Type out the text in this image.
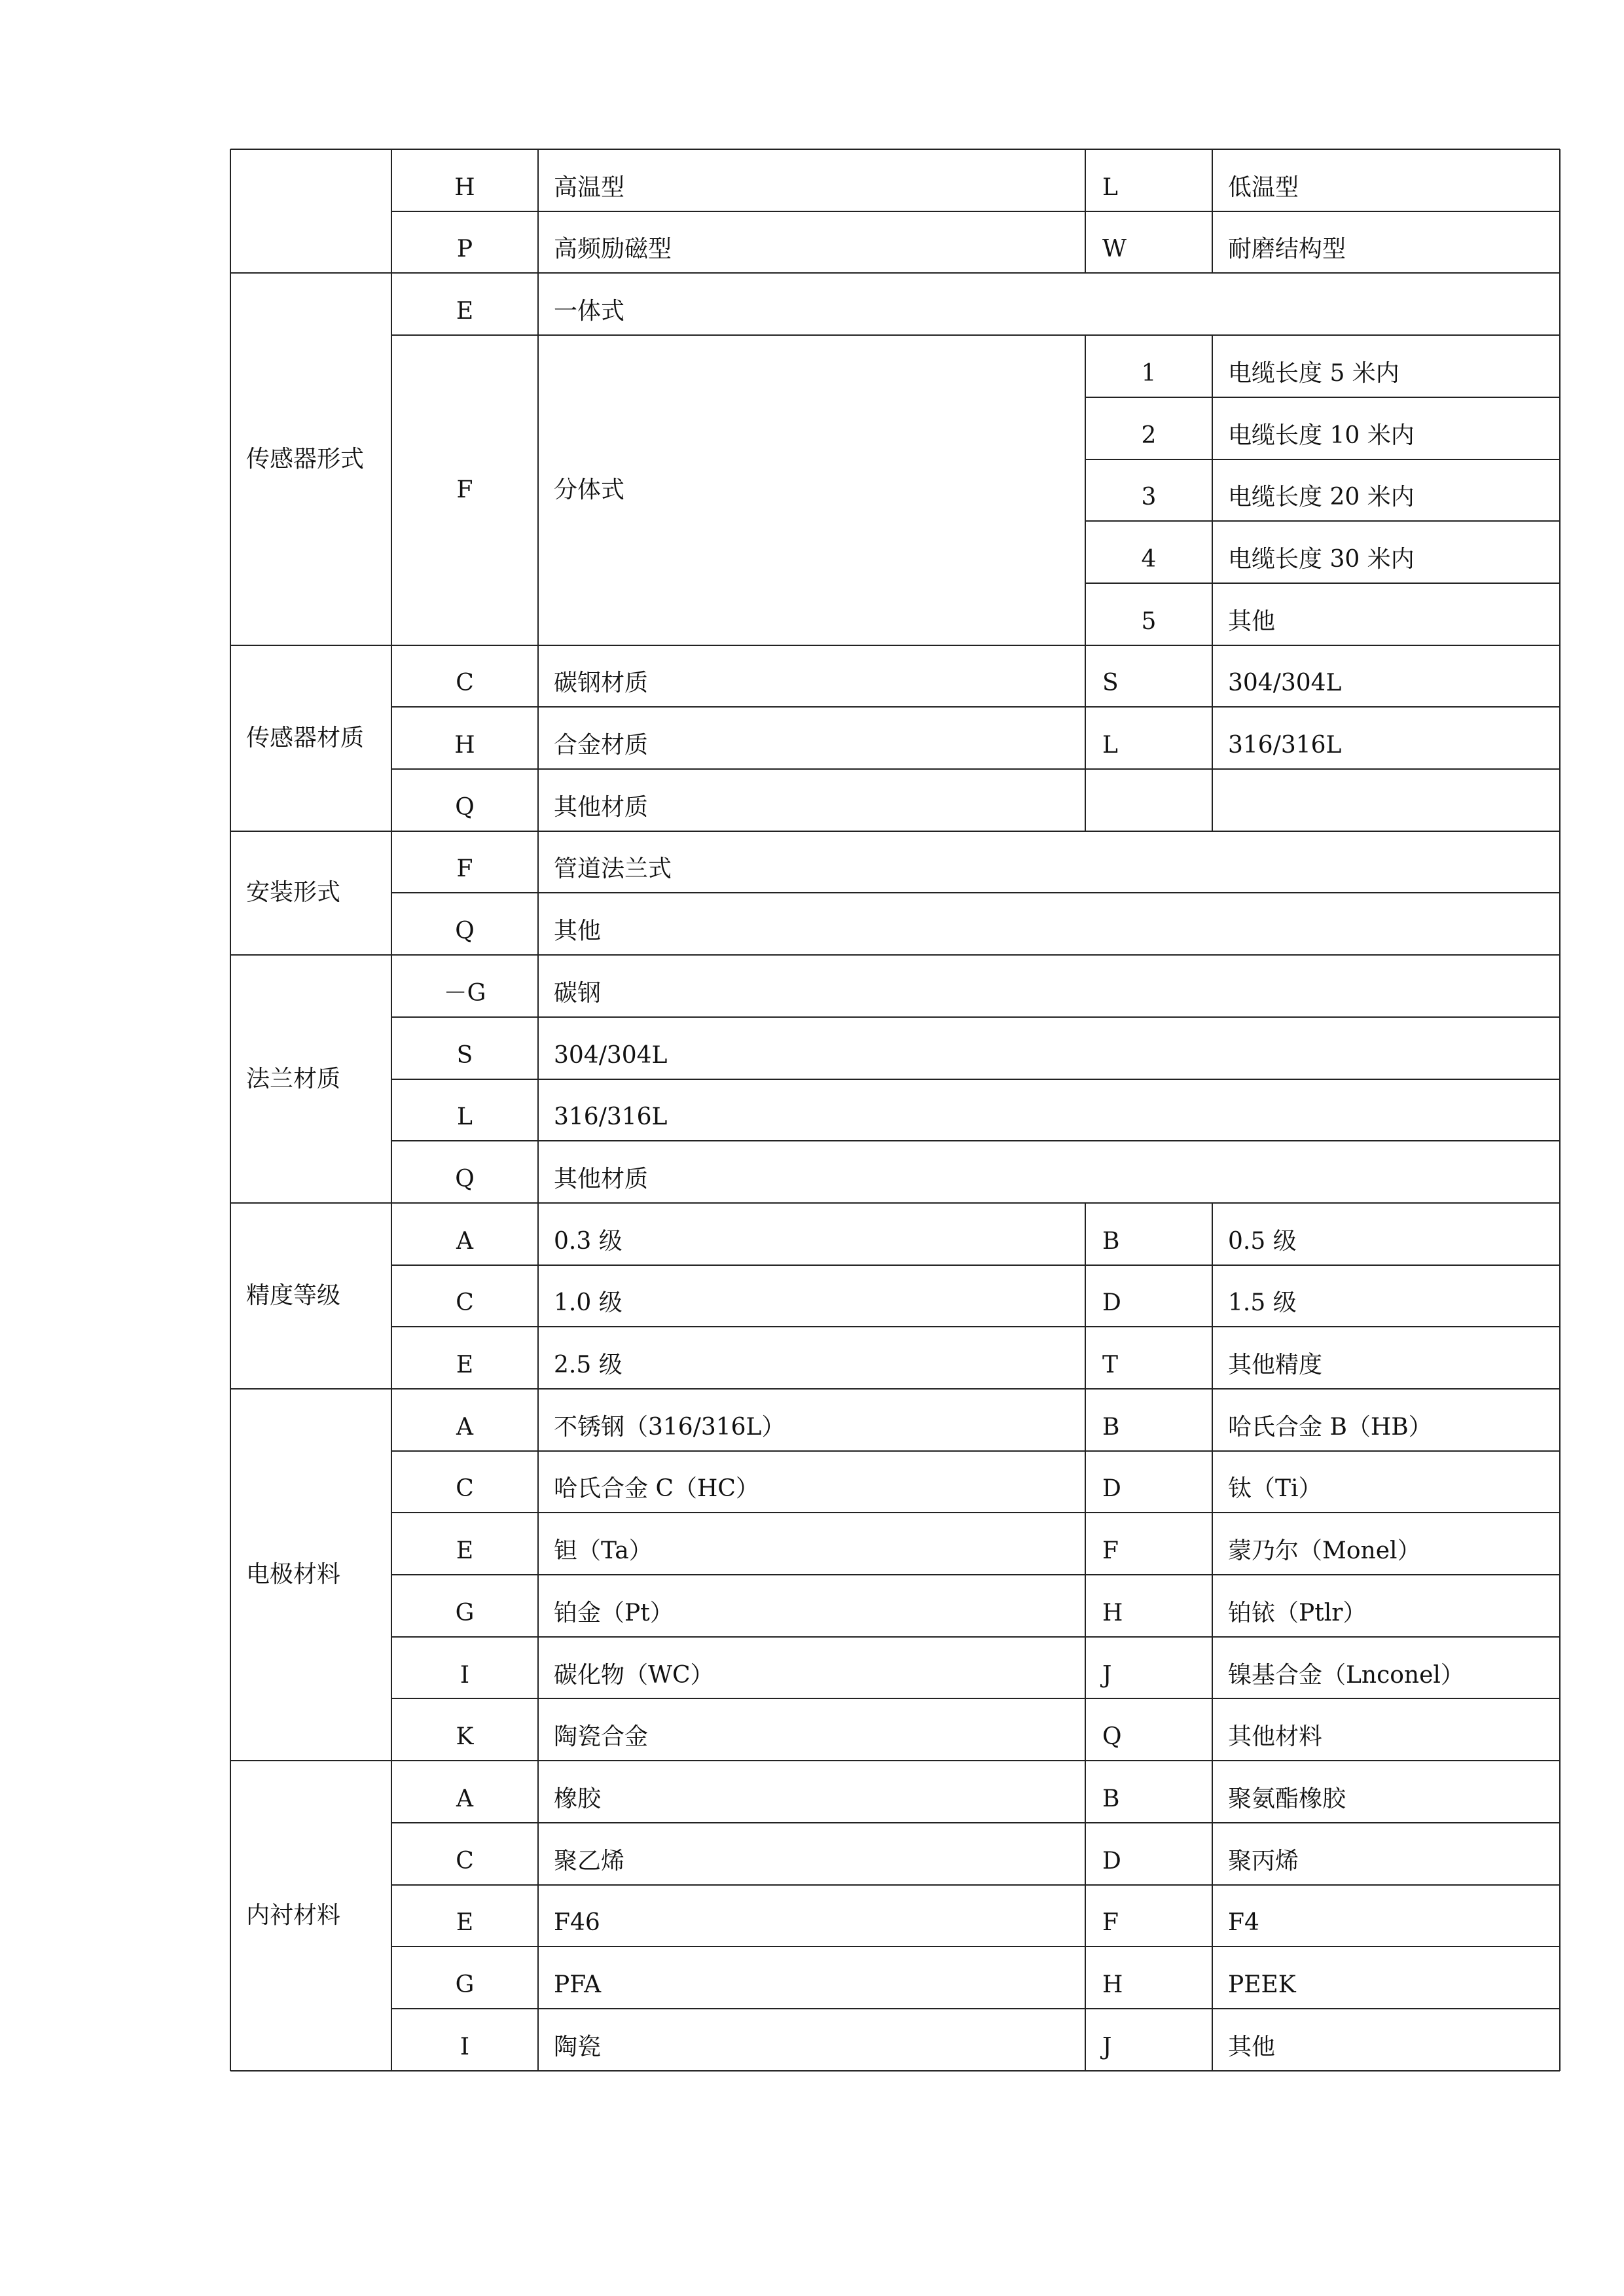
H	高温型	L	低温型
P	高频励磁型	W	耐磨结构型
传感器形式
E	一体式
F	分体式
1	电缆长度 5 米内
2	电缆长度 10 米内
3	电缆长度 20 米内
4	电缆长度 30 米内
5	其他
传感器材质
C	碳钢材质	S	304/304L
H	合金材质	L	316/316L
Q	其他材质
安装形式
F	管道法兰式
Q	其他
法兰材质
－G	碳钢
S	304/304L
L	316/316L
Q	其他材质
精度等级
A	0.3 级	B	0.5 级
C	1.0 级	D	1.5 级
E	2.5 级	T	其他精度
电极材料
A	不锈钢（316/316L）	B	哈氏合金 B（HB）
C	哈氏合金 C（HC）	D	钛（Ti）
E	钽（Ta）	F	蒙乃尔（Monel）
G	铂金（Pt）	H	铂铱（Ptlr）
I	碳化物（WC）	J	镍基合金（Lnconel）
K	陶瓷合金	Q	其他材料
内衬材料
A	橡胶	B	聚氨酯橡胶
C	聚乙烯	D	聚丙烯
E	F46	F	F4
G	PFA	H	PEEK
I	陶瓷	J	其他
